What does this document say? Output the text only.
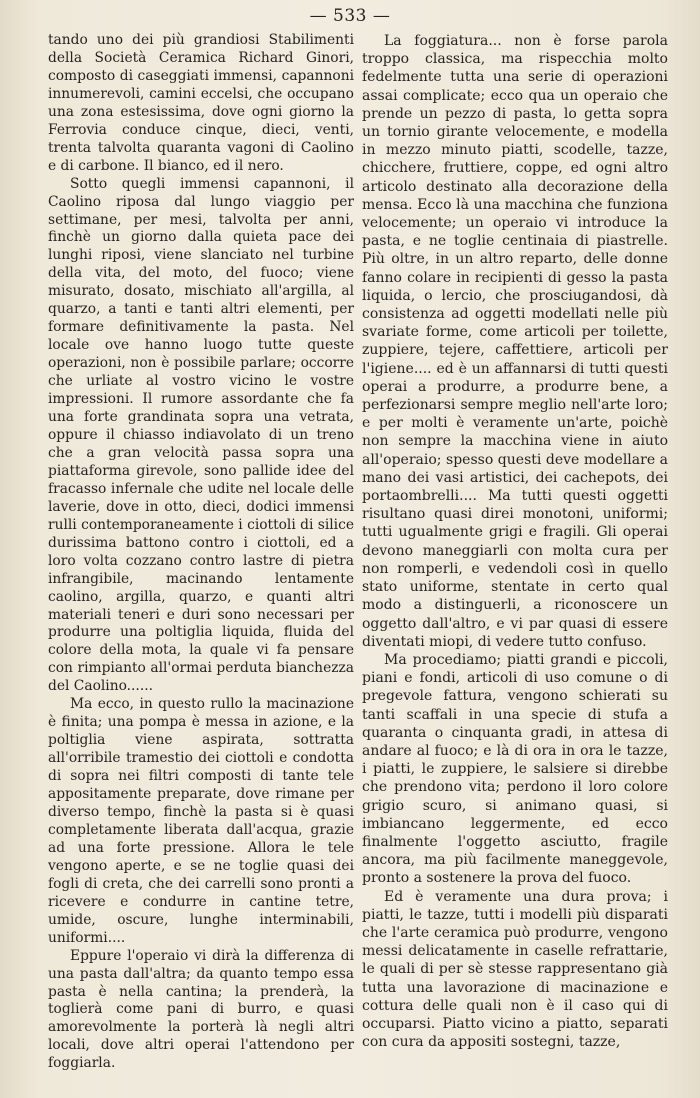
— 533 —

tando uno dei più grandiosi Stabilimenti della Società Ceramica Richard Ginori, composto di caseggiati immensi, capannoni innumerevoli, camini eccelsi, che occupano una zona estesissima, dove ogni giorno la Ferrovia conduce cinque, dieci, venti, trenta talvolta quaranta vagoni di Caolino e di carbone. Il bianco, ed il nero.

Sotto quegli immensi capannoni, il Caolino riposa dal lungo viaggio per settimane, per mesi, talvolta per anni, finchè un giorno dalla quieta pace dei lunghi riposi, viene slanciato nel turbine della vita, del moto, del fuoco; viene misurato, dosato, mischiato all'argilla, al quarzo, a tanti e tanti altri elementi, per formare definitivamente la pasta. Nel locale ove hanno luogo tutte queste operazioni, non è possibile parlare; occorre che urliate al vostro vicino le vostre impressioni. Il rumore assordante che fa una forte grandinata sopra una vetrata, oppure il chiasso indiavolato di un treno che a gran velocità passa sopra una piattaforma girevole, sono pallide idee del fracasso infernale che udite nel locale delle laverie, dove in otto, dieci, dodici immensi rulli contemporaneamente i ciottoli di silice durissima battono contro i ciottoli, ed a loro volta cozzano contro lastre di pietra infrangibile, macinando lentamente caolino, argilla, quarzo, e quanti altri materiali teneri e duri sono necessari per produrre una poltiglia liquida, fluida del colore della mota, la quale vi fa pensare con rimpianto all'ormai perduta bianchezza del Caolino......

Ma ecco, in questo rullo la macinazione è finita; una pompa è messa in azione, e la poltiglia viene aspirata, sottratta all'orribile tramestio dei ciottoli e condotta di sopra nei filtri composti di tante tele appositamente preparate, dove rimane per diverso tempo, finchè la pasta si è quasi completamente liberata dall'acqua, grazie ad una forte pressione. Allora le tele vengono aperte, e se ne toglie quasi dei fogli di creta, che dei carrelli sono pronti a ricevere e condurre in cantine tetre, umide, oscure, lunghe interminabili, uniformi....

Eppure l'operaio vi dirà la differenza di una pasta dall'altra; da quanto tempo essa pasta è nella cantina; la prenderà, la toglierà come pani di burro, e quasi amorevolmente la porterà là negli altri locali, dove altri operai l'attendono per foggiarla.

La foggiatura... non è forse parola troppo classica, ma rispecchia molto fedelmente tutta una serie di operazioni assai complicate; ecco qua un operaio che prende un pezzo di pasta, lo getta sopra un tornio girante velocemente, e modella in mezzo minuto piatti, scodelle, tazze, chicchere, fruttiere, coppe, ed ogni altro articolo destinato alla decorazione della mensa. Ecco là una macchina che funziona velocemente; un operaio vi introduce la pasta, e ne toglie centinaia di piastrelle. Più oltre, in un altro reparto, delle donne fanno colare in recipienti di gesso la pasta liquida, o lercio, che prosciugandosi, dà consistenza ad oggetti modellati nelle più svariate forme, come articoli per toilette, zuppiere, tejere, caffettiere, articoli per l'igiene.... ed è un affannarsi di tutti questi operai a produrre, a produrre bene, a perfezionarsi sempre meglio nell'arte loro; e per molti è veramente un'arte, poichè non sempre la macchina viene in aiuto all'operaio; spesso questi deve modellare a mano dei vasi artistici, dei cachepots, dei portaombrelli.... Ma tutti questi oggetti risultano quasi direi monotoni, uniformi; tutti ugualmente grigi e fragili. Gli operai devono maneggiarli con molta cura per non romperli, e vedendoli così in quello stato uniforme, stentate in certo qual modo a distinguerli, a riconoscere un oggetto dall'altro, e vi par quasi di essere diventati miopi, di vedere tutto confuso.

Ma procediamo; piatti grandi e piccoli, piani e fondi, articoli di uso comune o di pregevole fattura, vengono schierati su tanti scaffali in una specie di stufa a quaranta o cinquanta gradi, in attesa di andare al fuoco; e là di ora in ora le tazze, i piatti, le zuppiere, le salsiere si direbbe che prendono vita; perdono il loro colore grigio scuro, si animano quasi, si imbiancano leggermente, ed ecco finalmente l'oggetto asciutto, fragile ancora, ma più facilmente maneggevole, pronto a sostenere la prova del fuoco.

Ed è veramente una dura prova; i piatti, le tazze, tutti i modelli più disparati che l'arte ceramica può produrre, vengono messi delicatamente in caselle refrattarie, le quali di per sè stesse rappresentano già tutta una lavorazione di macinazione e cottura delle quali non è il caso qui di occuparsi. Piatto vicino a piatto, separati con cura da appositi sostegni, tazze,
